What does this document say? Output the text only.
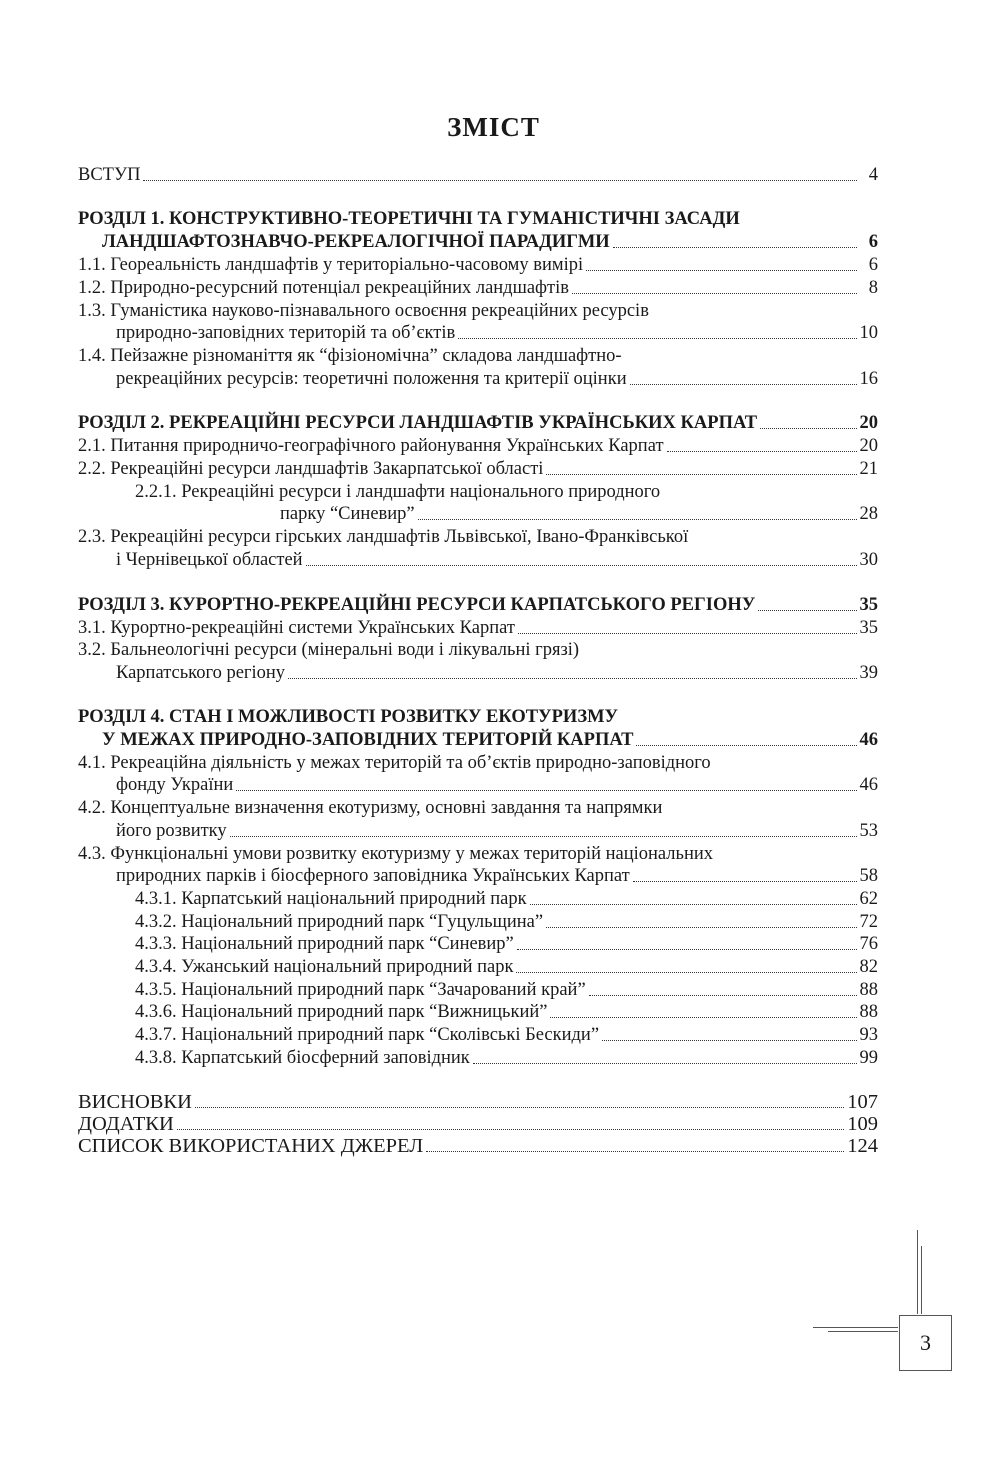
ЗМІСТ
ВСТУП	4
РОЗДІЛ 1. КОНСТРУКТИВНО-ТЕОРЕТИЧНІ ТА ГУМАНІСТИЧНІ ЗАСАДИ
ЛАНДШАФТОЗНАВЧО-РЕКРЕАЛОГІЧНОЇ ПАРАДИГМИ	6
1.1. Геореальність ландшафтів у територіально-часовому вимірі	6
1.2. Природно-ресурсний потенціал рекреаційних ландшафтів	8
1.3. Гуманістика науково-пізнавального освоєння рекреаційних ресурсів
природно-заповідних територій та об’єктів	10
1.4. Пейзажне різноманіття як “фізіономічна” складова ландшафтно-
рекреаційних ресурсів: теоретичні положення та критерії оцінки	16
РОЗДІЛ 2. РЕКРЕАЦІЙНІ РЕСУРСИ ЛАНДШАФТІВ УКРАЇНСЬКИХ КАРПАТ	20
2.1. Питання природничо-географічного районування Українських Карпат	20
2.2. Рекреаційні ресурси ландшафтів Закарпатської області	21
2.2.1. Рекреаційні ресурси і ландшафти національного природного
парку “Синевир”	28
2.3. Рекреаційні ресурси гірських ландшафтів Львівської, Івано-Франківської
і Чернівецької областей	30
РОЗДІЛ 3. КУРОРТНО-РЕКРЕАЦІЙНІ РЕСУРСИ КАРПАТСЬКОГО РЕГІОНУ	35
3.1. Курортно-рекреаційні системи Українських Карпат	35
3.2. Бальнеологічні ресурси (мінеральні води і лікувальні грязі)
Карпатського регіону	39
РОЗДІЛ 4. СТАН І МОЖЛИВОСТІ РОЗВИТКУ ЕКОТУРИЗМУ
У МЕЖАХ ПРИРОДНО-ЗАПОВІДНИХ ТЕРИТОРІЙ КАРПАТ	46
4.1. Рекреаційна діяльність у межах територій та об’єктів природно-заповідного
фонду України	46
4.2. Концептуальне визначення екотуризму, основні завдання та напрямки
його розвитку	53
4.3. Функціональні умови розвитку екотуризму у межах територій національних
природних парків і біосферного заповідника Українських Карпат	58
4.3.1. Карпатський національний природний парк	62
4.3.2. Національний природний парк “Гуцульщина”	72
4.3.3. Національний природний парк “Синевир”	76
4.3.4. Ужанський національний природний парк	82
4.3.5. Національний природний парк “Зачарований край”	88
4.3.6. Національний природний парк “Вижницький”	88
4.3.7. Національний природний парк “Сколівські Бескиди”	93
4.3.8. Карпатський біосферний заповідник	99
ВИСНОВКИ	107
ДОДАТКИ	109
СПИСОК ВИКОРИСТАНИХ ДЖЕРЕЛ	124
3
